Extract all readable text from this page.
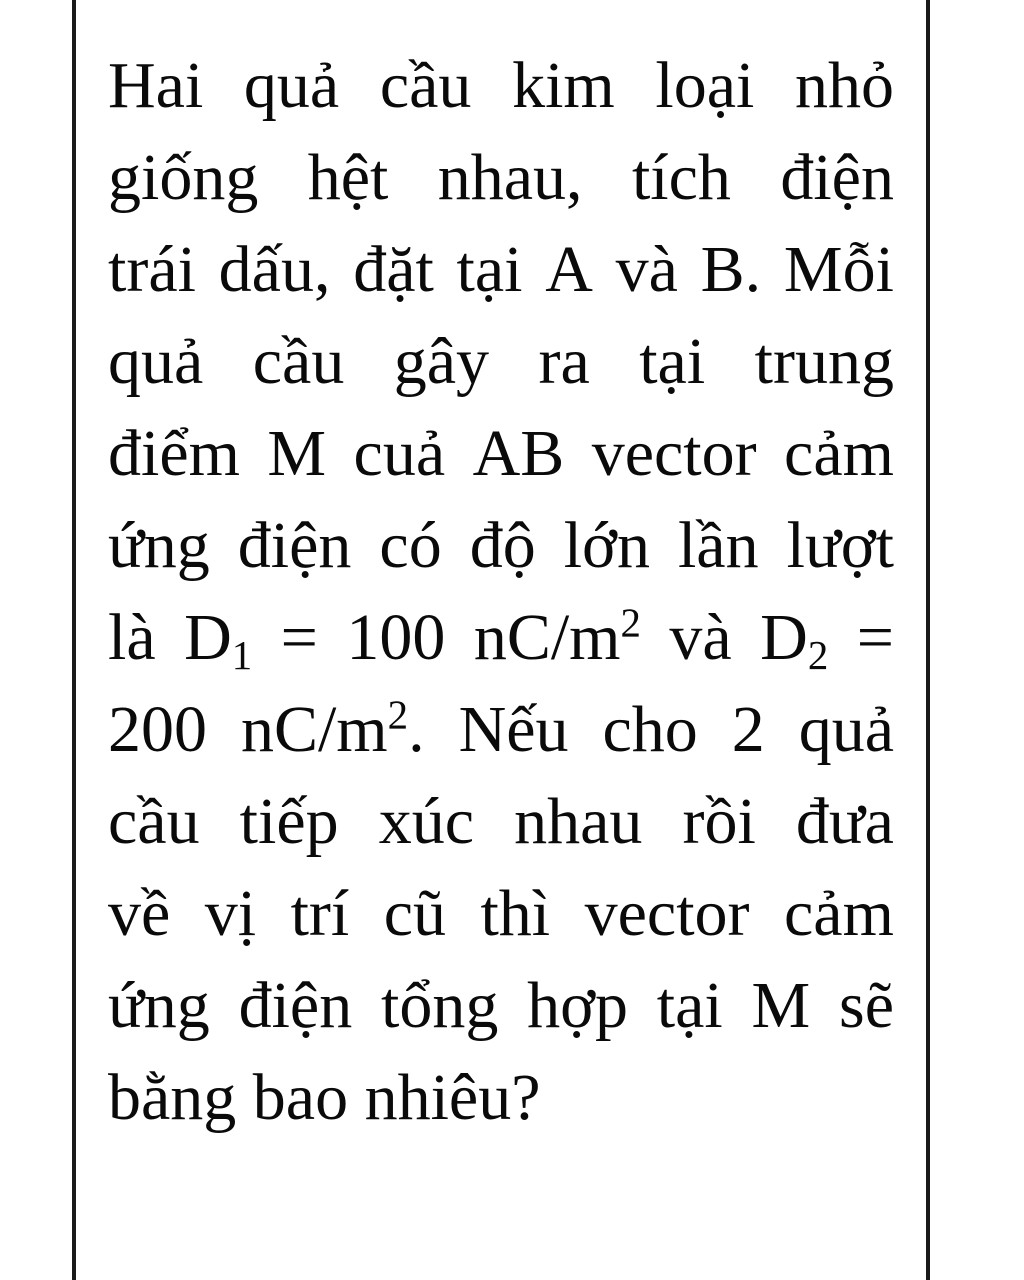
Hai quả cầu kim loại nhỏ
giống hệt nhau, tích điện
trái dấu, đặt tại A và B. Mỗi
quả cầu gây ra tại trung
điểm M cuả AB vector cảm
ứng điện có độ lớn lần lượt
là $D_1 = 100$ $nC/m^2$ và $D_2$ =
200 $nC/m^2$. Nếu cho 2 quả
cầu tiếp xúc nhau rồi đưa
về vị trí cũ thì vector cảm
ứng điện tổng hợp tại M sẽ
bằng
bao
nhiêu?
